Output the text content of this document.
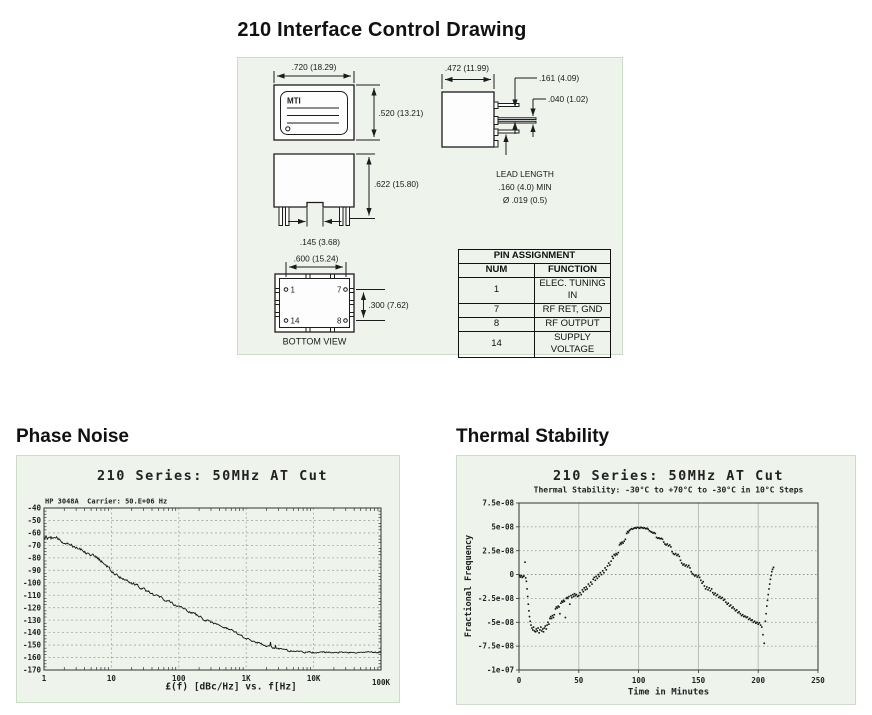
210 Interface Control Drawing
.720 (18.29)
MTI
.520 (13.21)
.622 (15.80)
.145 (3.68)
.472 (11.99)
.161 (4.09)
.040 (1.02)
LEAD LENGTH
.160 (4.0) MIN
Ø .019 (0.5)
.600 (15.24)
1	7
14	8
.300 (7.62)
BOTTOM VIEW
PIN ASSIGNMENT	
NUM	FUNCTION
1	ELEC. TUNING IN
7	RF RET, GND
8	RF OUTPUT
14	SUPPLY VOLTAGE
Phase Noise
-40
-50
-60
-70
-80
-90
-100
-110
-120
-130
-140
-150
-160
-170
1	10	100	1K	10K	100K
210 Series: 50MHz AT Cut
HP 3048A  Carrier: 50.E+06 Hz
£(f) [dBc/Hz] vs. f[Hz]
Thermal Stability
7.5e-08
5e-08
2.5e-08
0
-2.5e-08
-5e-08
-7.5e-08
-1e-07
0	50	100	150	200	250
210 Series: 50MHz AT Cut
Thermal Stability: -30°C to +70°C to -30°C in 10°C Steps
Time in Minutes
Fractional Frequency
